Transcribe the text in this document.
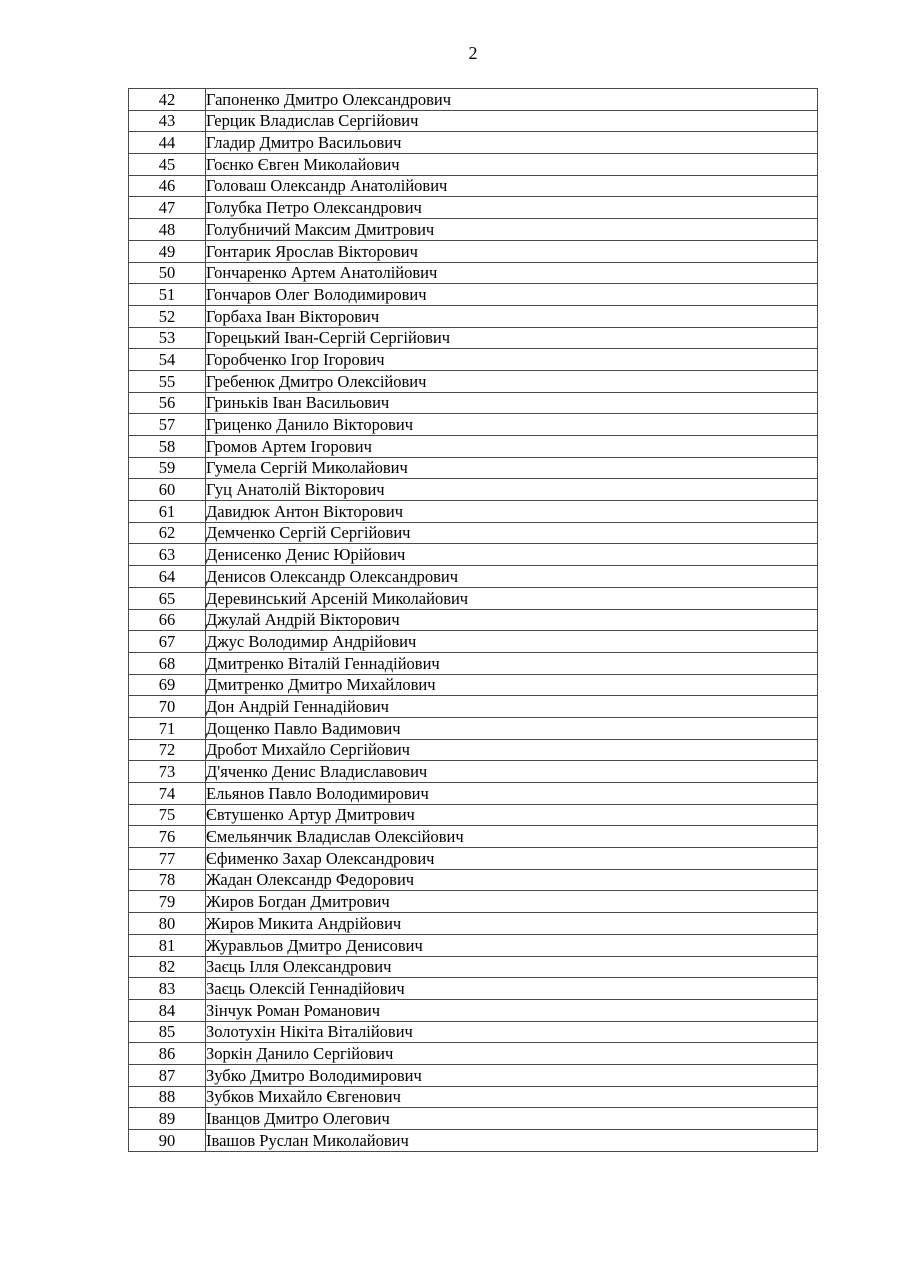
2
42	Гапоненко Дмитро Олександрович
43	Герцик Владислав Сергійович
44	Гладир Дмитро Васильович
45	Гоєнко Євген Миколайович
46	Головаш Олександр Анатолійович
47	Голубка Петро Олександрович
48	Голубничий Максим Дмитрович
49	Гонтарик Ярослав Вікторович
50	Гончаренко Артем Анатолійович
51	Гончаров Олег Володимирович
52	Горбаха Іван Вікторович
53	Горецький Іван-Сергій Сергійович
54	Горобченко Ігор Ігорович
55	Гребенюк Дмитро Олексійович
56	Гриньків Іван Васильович
57	Гриценко Данило Вікторович
58	Громов Артем Ігорович
59	Гумела Сергій Миколайович
60	Гуц Анатолій Вікторович
61	Давидюк Антон Вікторович
62	Демченко Сергій Сергійович
63	Денисенко Денис Юрійович
64	Денисов Олександр Олександрович
65	Деревинський Арсеній Миколайович
66	Джулай Андрій Вікторович
67	Джус Володимир Андрійович
68	Дмитренко Віталій Геннадійович
69	Дмитренко Дмитро Михайлович
70	Дон Андрій Геннадійович
71	Дощенко Павло Вадимович
72	Дробот Михайло Сергійович
73	Д'яченко Денис Владиславович
74	Ельянов Павло Володимирович
75	Євтушенко Артур Дмитрович
76	Ємельянчик Владислав Олексійович
77	Єфименко Захар Олександрович
78	Жадан Олександр Федорович
79	Жиров Богдан Дмитрович
80	Жиров Микита Андрійович
81	Журавльов Дмитро Денисович
82	Заєць Ілля Олександрович
83	Заєць Олексій Геннадійович
84	Зінчук Роман Романович
85	Золотухін Нікіта Віталійович
86	Зоркін Данило Сергійович
87	Зубко Дмитро Володимирович
88	Зубков Михайло Євгенович
89	Іванцов Дмитро Олегович
90	Івашов Руслан Миколайович
